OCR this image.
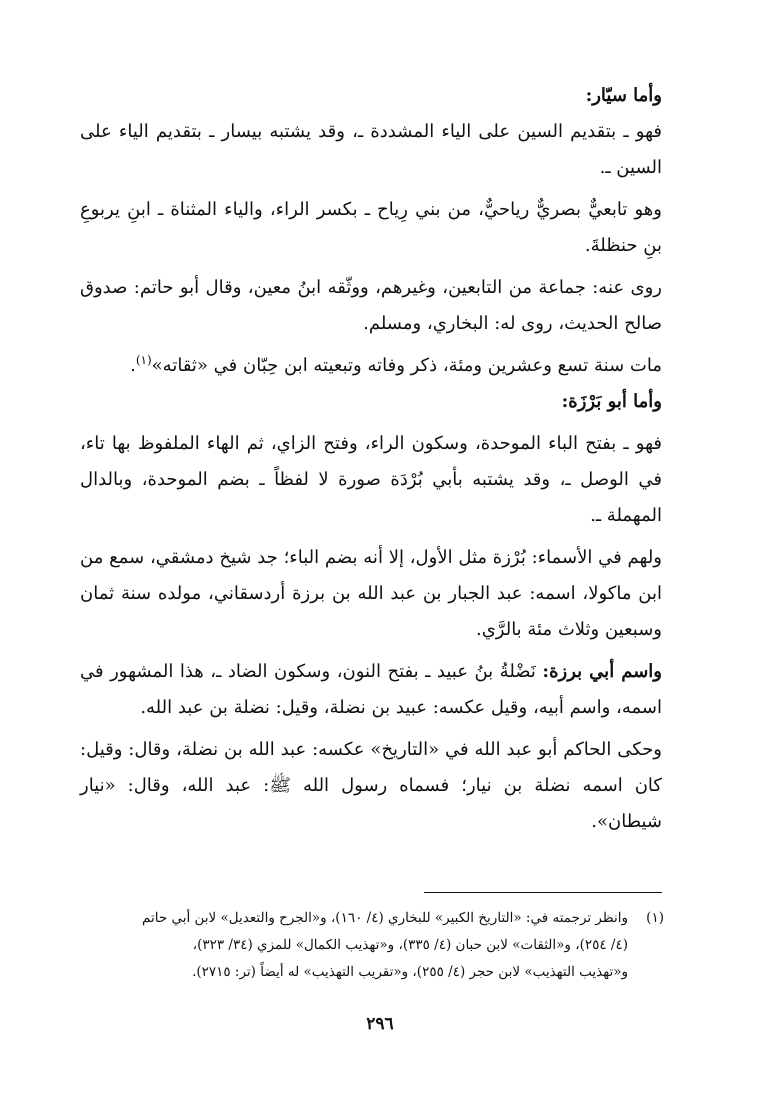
وأما سيّار:

فهو ـ بتقديم السين على الياء المشددة ـ، وقد يشتبه بيسار ـ بتقديم الياء على السين ـ.

وهو تابعيٌّ بصريٌّ رياحيٌّ، من بني رِياح ـ بكسر الراء، والياء المثناة ـ ابنِ يربوعِ بنِ حنظلةَ.

روى عنه: جماعة من التابعين، وغيرهم، ووثّقه ابنُ معين، وقال أبو حاتم: صدوق صالح الحديث، روى له: البخاري، ومسلم.

مات سنة تسع وعشرين ومئة، ذكر وفاته وتبعيته ابن حِبّان في «ثقاته»$^{(١)}$.

وأما أبو بَرْزَة:

فهو ـ بفتح الباء الموحدة، وسكون الراء، وفتح الزاي، ثم الهاء الملفوظ بها تاء، في الوصل ـ، وقد يشتبه بأبي بُرْدَة صورة لا لفظاً ـ بضم الموحدة، وبالدال المهملة ـ.

ولهم في الأسماء: بُرْزة مثل الأول، إلا أنه بضم الباء؛ جد شيخ دمشقي، سمع من ابن ماكولا، اسمه: عبد الجبار بن عبد الله بن برزة أردسقاني، مولده سنة ثمان وسبعين وثلاث مئة بالرَّي.

واسم أبي برزة: نَضْلةُ بنُ عبيد ـ بفتح النون، وسكون الضاد ـ، هذا المشهور في اسمه، واسم أبيه، وقيل عكسه: عبيد بن نضلة، وقيل: نضلة بن عبد الله.

وحكى الحاكم أبو عبد الله في «التاريخ» عكسه: عبد الله بن نضلة، وقال: وقيل: كان اسمه نضلة بن نيار؛ فسماه رسول الله ﷺ: عبد الله، وقال: «نيار شيطان».

(١)وانظر ترجمته في: «التاريخ الكبير» للبخاري (٤/ ١٦٠)، و«الجرح والتعديل» لابن أبي حاتم
(٤/ ٢٥٤)، و«الثقات» لابن حبان (٤/ ٣٣٥)، و«تهذيب الكمال» للمزي (٣٤/ ٣٢٣)،
و«تهذيب التهذيب» لابن حجر (٤/ ٢٥٥)، و«تقريب التهذيب» له أيضاً (تر: ٢٧١٥).
٢٩٦
